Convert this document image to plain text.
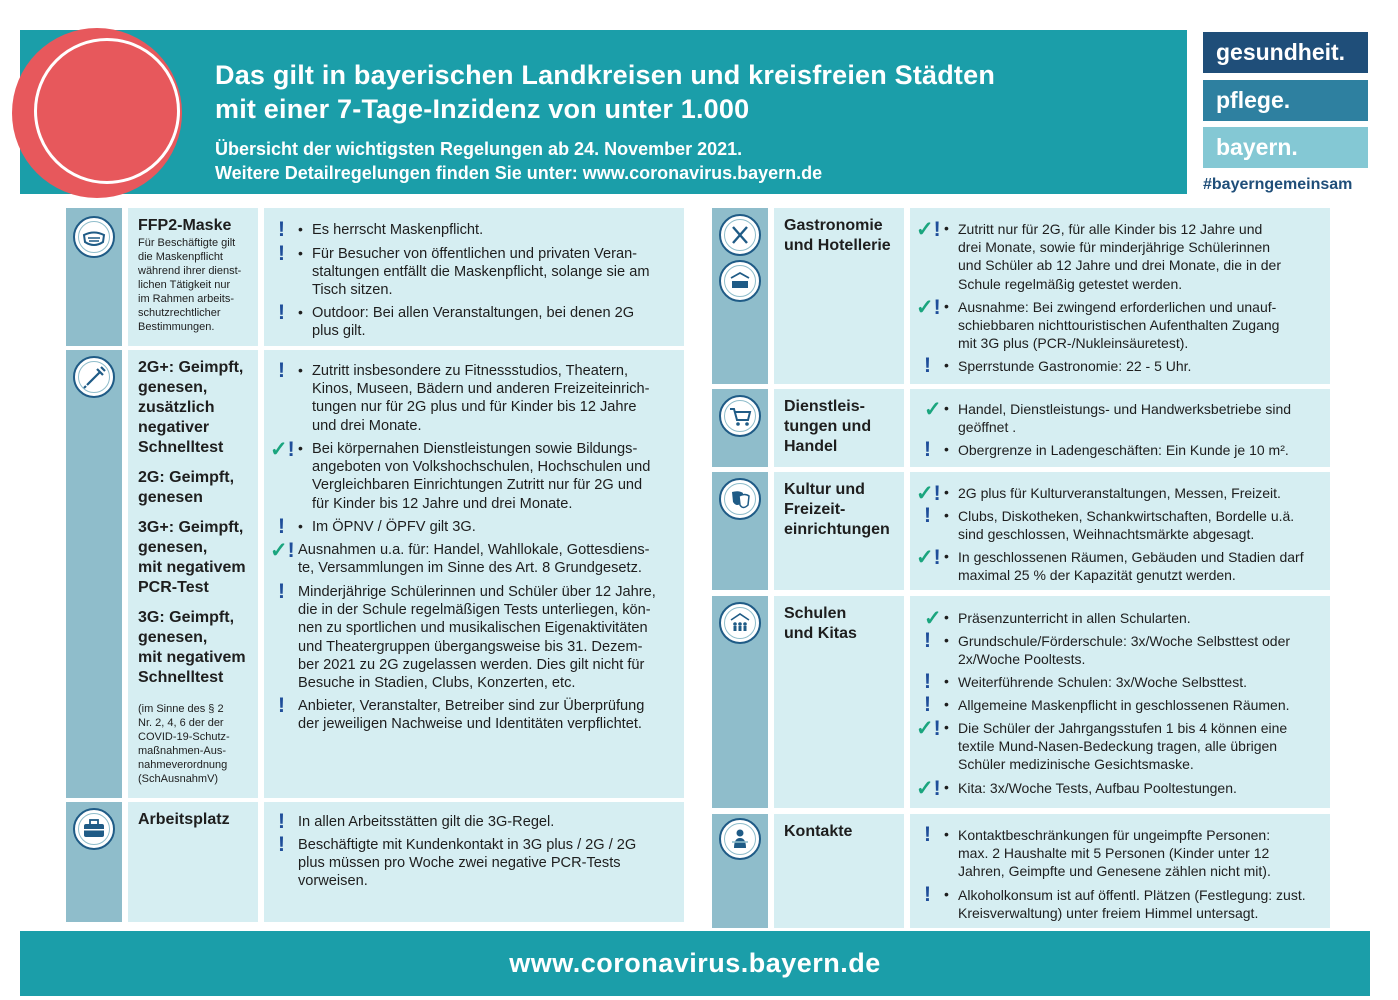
Das gilt in bayerischen Landkreisen und kreisfreien Städten
mit einer 7-Tage-Inzidenz von unter 1.000
Übersicht der wichtigsten Regelungen ab 24. November 2021.
Weitere Detailregelungen finden Sie unter: www.coronavirus.bayern.de
gesundheit.
pflege.
bayern.
#bayerngemeinsam
FFP2-Maske
Für Beschäftigte gilt
die Maskenpflicht
während ihrer dienst-
lichen Tätigkeit nur
im Rahmen arbeits-
schutzrechtlicher
Bestimmungen.
2G+: Geimpft,
genesen,
zusätzlich
negativer
Schnelltest
2G: Geimpft,
genesen
3G+: Geimpft,
genesen,
mit negativem
PCR-Test
3G: Geimpft,
genesen,
mit negativem
Schnelltest
(im Sinne des § 2
Nr. 2, 4, 6 der der
COVID-19-Schutz-
maßnahmen-Aus-
nahmeverordnung
(SchAusnahmV)
Arbeitsplatz
Gastronomie
und Hotellerie
Dienstleis-
tungen und
Handel
Kultur und
Freizeit-
einrichtungen
Schulen
und Kitas
Kontakte
www.coronavirus.bayern.de
! • Es herrscht Maskenpflicht.
! • Für Besucher von öffentlichen und privaten Veran-
staltungen entfällt die Maskenpflicht, solange sie am
Tisch sitzen.
! • Outdoor: Bei allen Veranstaltungen, bei denen 2G
plus gilt.
! • Zutritt insbesondere zu Fitnessstudios, Theatern,
Kinos, Museen, Bädern und anderen Freizeiteinrich-
tungen nur für 2G plus und für Kinder bis 12 Jahre
und drei Monate.
✓! • Bei körpernahen Dienstleistungen sowie Bildungs-
angeboten von Volkshochschulen, Hochschulen und
Vergleichbaren Einrichtungen Zutritt nur für 2G und
für Kinder bis 12 Jahre und drei Monate.
! • Im ÖPNV / ÖPFV gilt 3G.
✓! Ausnahmen u.a. für: Handel, Wahllokale, Gottesdiens-
te, Versammlungen im Sinne des Art. 8 Grundgesetz.
! Minderjährige Schülerinnen und Schüler über 12 Jahre,
die in der Schule regelmäßigen Tests unterliegen, kön-
nen zu sportlichen und musikalischen Eigenaktivitäten
und Theatergruppen übergangsweise bis 31. Dezem-
ber 2021 zu 2G zugelassen werden. Dies gilt nicht für
Besuche in Stadien, Clubs, Konzerten, etc.
! Anbieter, Veranstalter, Betreiber sind zur Überprüfung
der jeweiligen Nachweise und Identitäten verpflichtet.
! In allen Arbeitsstätten gilt die 3G-Regel.
! Beschäftigte mit Kundenkontakt in 3G plus / 2G / 2G
plus müssen pro Woche zwei negative PCR-Tests
vorweisen.
✓! • Zutritt nur für 2G, für alle Kinder bis 12 Jahre und
drei Monate, sowie für minderjährige Schülerinnen
und Schüler ab 12 Jahre und drei Monate, die in der
Schule regelmäßig getestet werden.
✓! • Ausnahme: Bei zwingend erforderlichen und unauf-
schiebbaren nichttouristischen Aufenthalten Zugang
mit 3G plus (PCR-/Nukleinsäuretest).
! • Sperrstunde Gastronomie: 22 - 5 Uhr.
✓ • Handel, Dienstleistungs- und Handwerksbetriebe sind
geöffnet .
! • Obergrenze in Ladengeschäften: Ein Kunde je 10 m².
✓! • 2G plus für Kulturveranstaltungen, Messen, Freizeit.
! • Clubs, Diskotheken, Schankwirtschaften, Bordelle u.ä.
sind geschlossen, Weihnachtsmärkte abgesagt.
✓! • In geschlossenen Räumen, Gebäuden und Stadien darf
maximal 25 % der Kapazität genutzt werden.
✓ • Präsenzunterricht in allen Schularten.
! • Grundschule/Förderschule: 3x/Woche Selbsttest oder
2x/Woche Pooltests.
! • Weiterführende Schulen: 3x/Woche Selbsttest.
! • Allgemeine Maskenpflicht in geschlossenen Räumen.
✓! • Die Schüler der Jahrgangsstufen 1 bis 4 können eine
textile Mund-Nasen-Bedeckung tragen, alle übrigen
Schüler medizinische Gesichtsmaske.
✓! • Kita: 3x/Woche Tests, Aufbau Pooltestungen.
! • Kontaktbeschränkungen für ungeimpfte Personen:
max. 2 Haushalte mit 5 Personen (Kinder unter 12
Jahren, Geimpfte und Genesene zählen nicht mit).
! • Alkoholkonsum ist auf öffentl. Plätzen (Festlegung: zust.
Kreisverwaltung) unter freiem Himmel untersagt.
